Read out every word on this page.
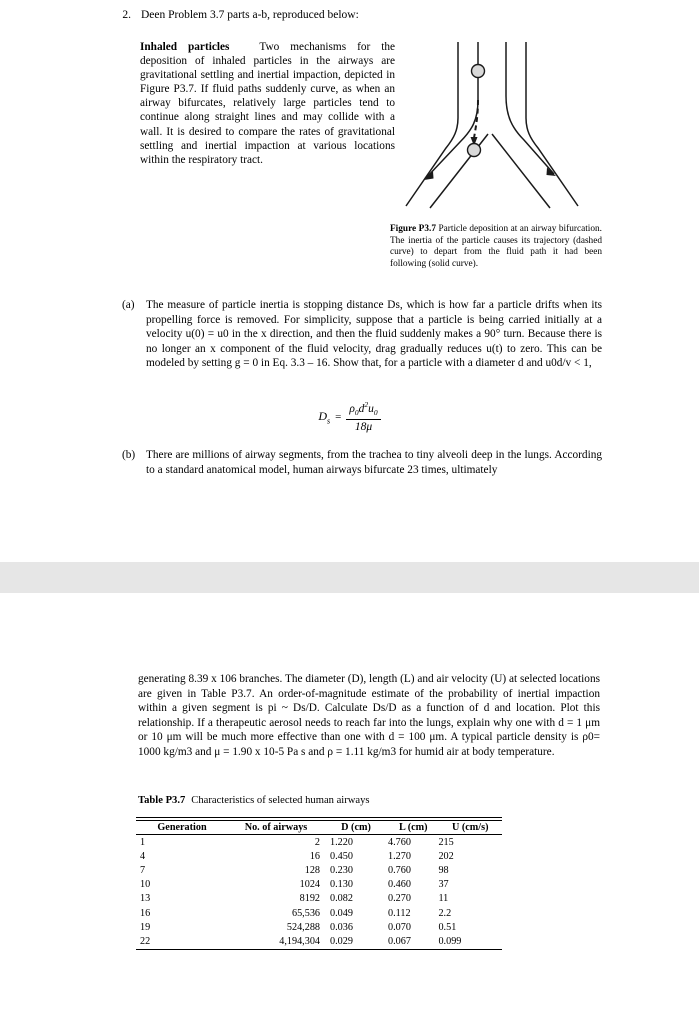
2. Deen Problem 3.7 parts a-b, reproduced below:
Inhaled particles	Two mechanisms for the deposition of inhaled particles in the airways are gravitational settling and inertial impaction, depicted in Figure P3.7. If fluid paths suddenly curve, as when an airway bifurcates, relatively large particles tend to continue along straight lines and may collide with a wall. It is desired to compare the rates of gravitational settling and inertial impaction at various locations within the respiratory tract.
Figure P3.7 Particle deposition at an airway bifurcation. The inertia of the particle causes its trajectory (dashed curve) to depart from the fluid path it had been following (solid curve).
(a)	The measure of particle inertia is stopping distance Ds, which is how far a particle drifts when its propelling force is removed. For simplicity, suppose that a particle is being carried initially at a velocity u(0) = u0 in the x direction, and then the fluid suddenly makes a 90° turn. Because there is no longer an x component of the fluid velocity, drag gradually reduces u(t) to zero. This can be modeled by setting g = 0 in Eq. 3.3 – 16. Show that, for a particle with a diameter d and u0d/v < 1,
$D_s = \frac{\rho_0d^2u_0}{18\mu}$
(b) There are millions of airway segments, from the trachea to tiny alveoli deep in the lungs. According to a standard anatomical model, human airways bifurcate 23 times, ultimately
generating 8.39 x 106 branches. The diameter (D), length (L) and air velocity (U) at selected locations are given in Table P3.7. An order-of-magnitude estimate of the probability of inertial impaction within a given segment is pi ~ Ds/D. Calculate Ds/D as a function of d and location. Plot this relationship. If a therapeutic aerosol needs to reach far into the lungs, explain why one with d = 1 μm or 10 μm will be much more effective than one with d = 100 μm. A typical particle density is ρ0= 1000 kg/m3 and μ = 1.90 x 10-5 Pa s and ρ = 1.11 kg/m3 for humid air at body temperature.
Table P3.7 Characteristics of selected human airways

Generation	No. of airways	D (cm)	L (cm)	U (cm/s)

1	2	1.220	4.760	215
4	16	0.450	1.270	202
7	128	0.230	0.760	98
10	1024	0.130	0.460	37
13	8192	0.082	0.270	11
16	65,536	0.049	0.112	2.2
19	524,288	0.036	0.070	0.51
22	4,194,304	0.029	0.067	0.099
